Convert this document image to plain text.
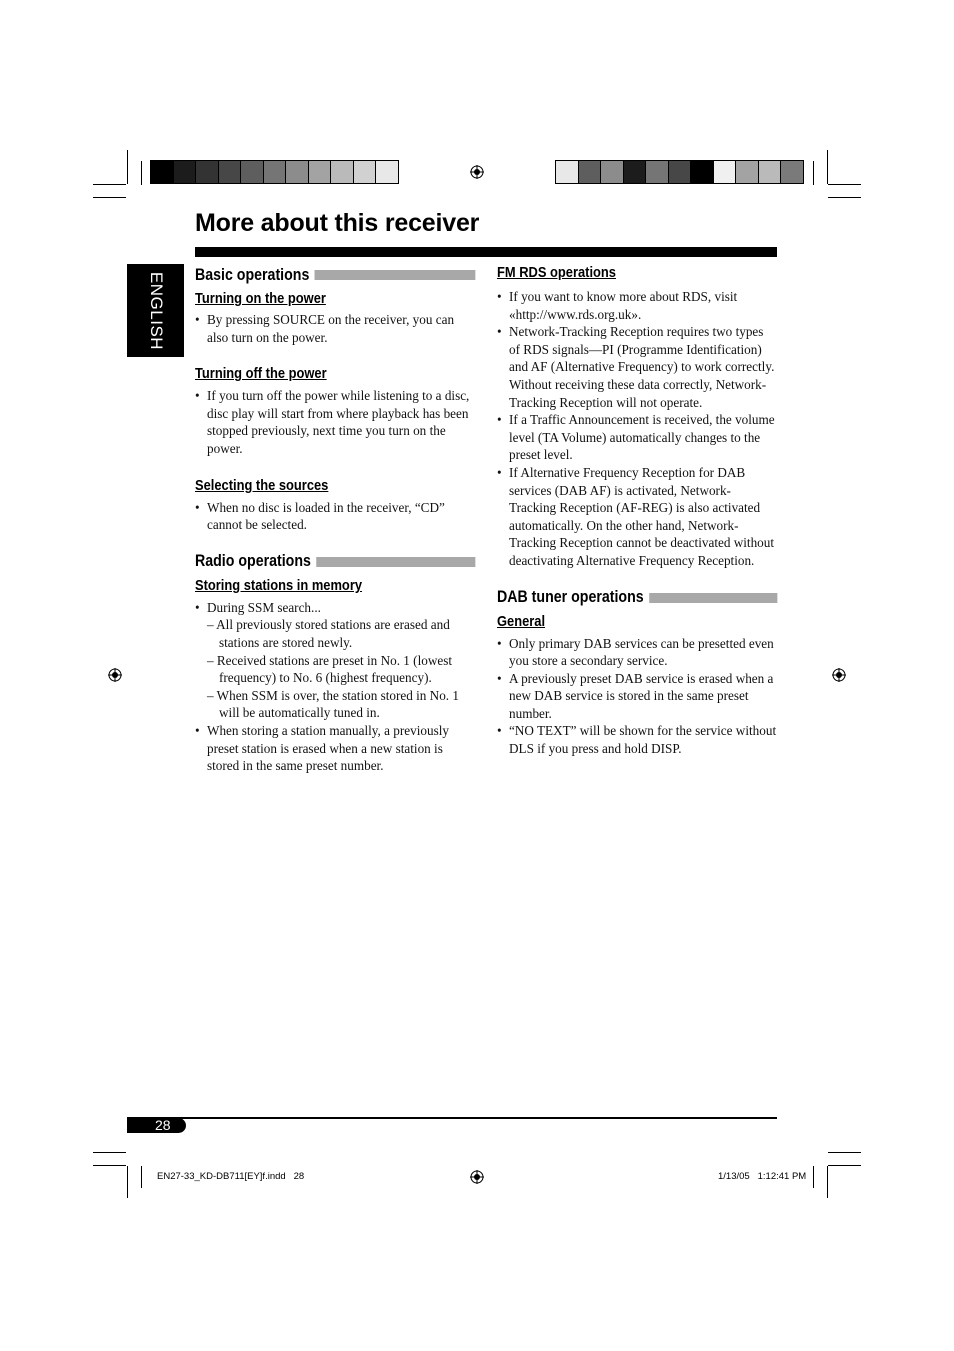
More about this receiver
ENGLISH Basic operations
Turning on the power
• By pressing SOURCE on the receiver, you can also turn on the power.
Turning off the power
• If you turn off the power while listening to a disc, disc play will start from where playback has been stopped previously, next time you turn on the power.
Selecting the sources
• When no disc is loaded in the receiver, “CD” cannot be selected.
Radio operations
Storing stations in memory
• During SSM search...
– All previously stored stations are erased and stations are stored newly.
– Received stations are preset in No. 1 (lowest frequency) to No. 6 (highest frequency).
– When SSM is over, the station stored in No. 1 will be automatically tuned in.
• When storing a station manually, a previously preset station is erased when a new station is stored in the same preset number.
FM RDS operations
• If you want to know more about RDS, visit «http://www.rds.org.uk».
• Network-Tracking Reception requires two types of RDS signals—PI (Programme Identification) and AF (Alternative Frequency) to work correctly. Without receiving these data correctly, Network-Tracking Reception will not operate.
• If a Traffic Announcement is received, the volume level (TA Volume) automatically changes to the preset level.
• If Alternative Frequency Reception for DAB services (DAB AF) is activated, Network-Tracking Reception (AF-REG) is also activated automatically. On the other hand, Network-Tracking Reception cannot be deactivated without deactivating Alternative Frequency Reception.
DAB tuner operations
General
• Only primary DAB services can be presetted even you store a secondary service.
• A previously preset DAB service is erased when a new DAB service is stored in the same preset number.
• “NO TEXT” will be shown for the service without DLS if you press and hold DISP.
28
EN27-33_KD-DB711[EY]f.indd   28	1/13/05   1:12:41 PM
